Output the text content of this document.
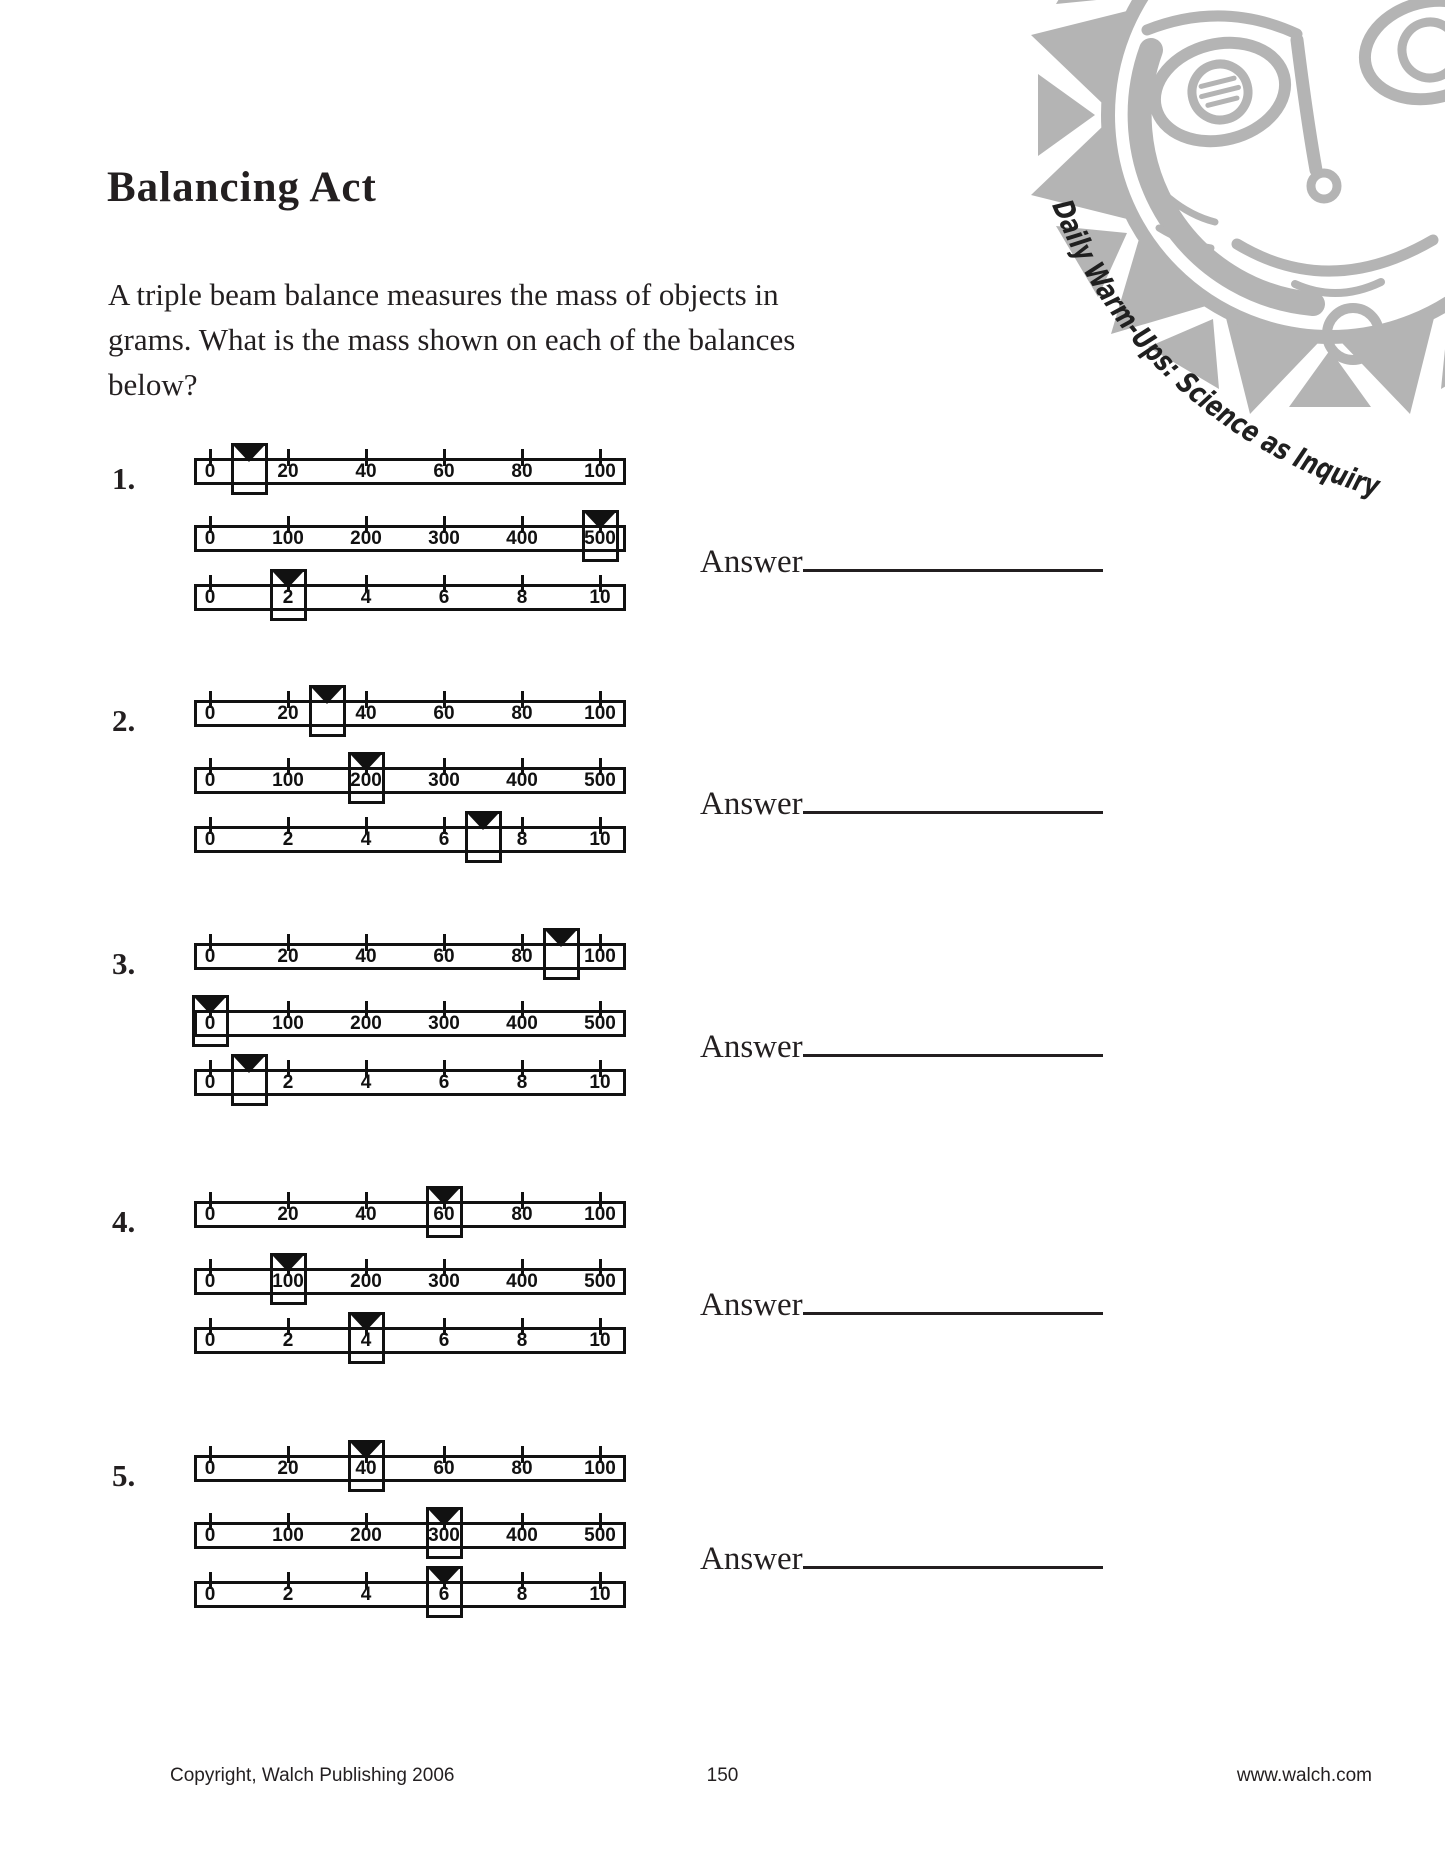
Daily Warm-Ups: Science as Inquiry
Balancing Act
A triple beam balance measures the mass of objects in
grams. What is the mass shown on each of the balances
below?
1.	0	20	40	60	80	100
0	100	200	300	400	500
0	2	4	6	8	10
Answer
2.	0	20	40	60	80	100
0	100	200	300	400	500
0	2	4	6	8	10
Answer
3.	0	20	40	60	80	100
0	100	200	300	400	500
0	2	4	6	8	10
Answer
4.	0	20	40	60	80	100
0	100	200	300	400	500
0	2	4	6	8	10
Answer
5.	0	20	40	60	80	100
0	100	200	300	400	500
0	2	4	6	8	10
Answer
Copyright, Walch Publishing 2006	150	www.walch.com
